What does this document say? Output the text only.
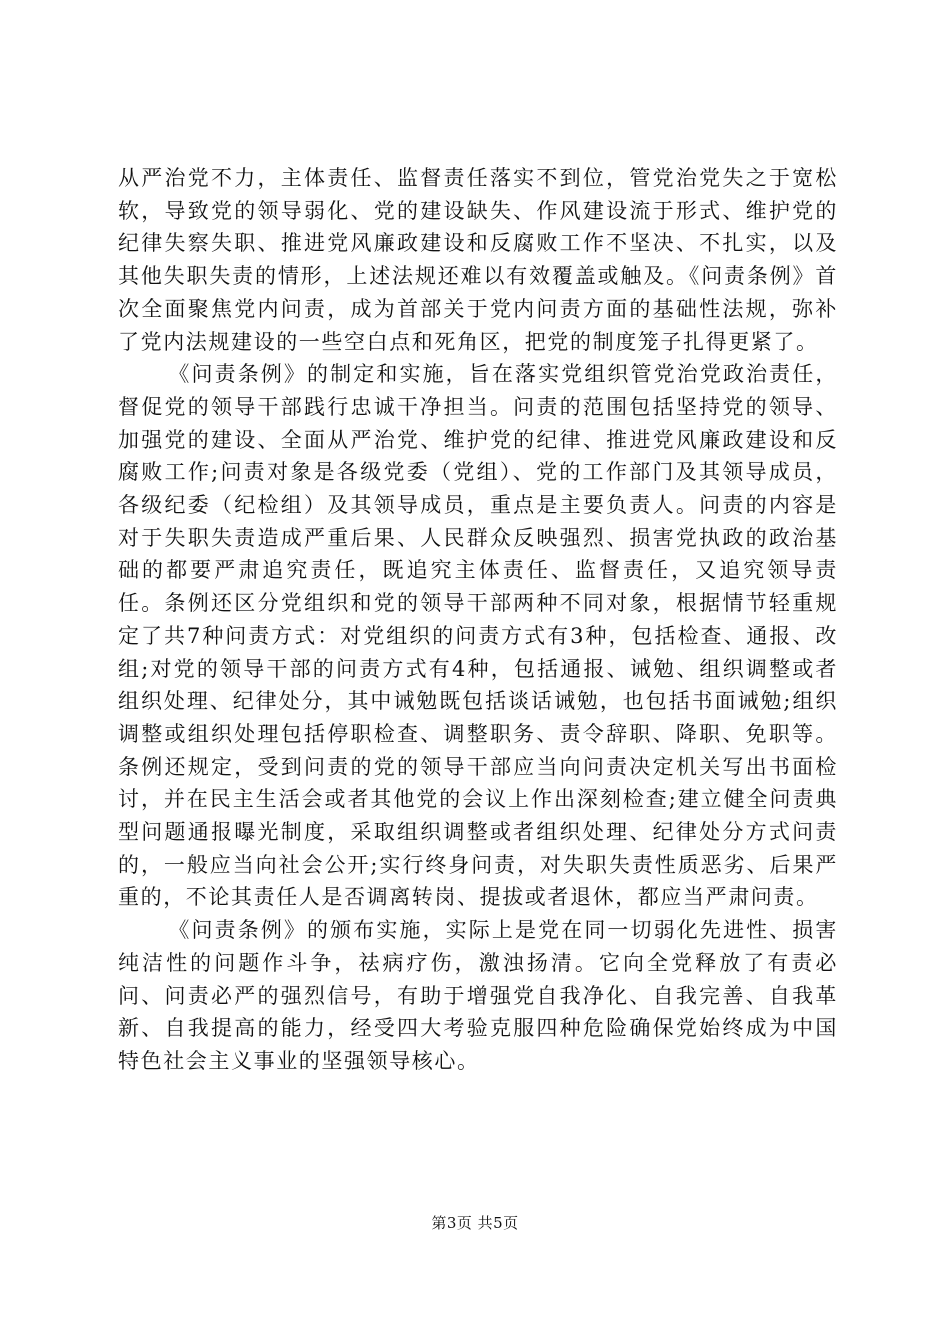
从严治党不力，主体责任、监督责任落实不到位，管党治党失之于宽松软，导致党的领导弱化、党的建设缺失、作风建设流于形式、维护党的纪律失察失职、推进党风廉政建设和反腐败工作不坚决、不扎实，以及其他失职失责的情形，上述法规还难以有效覆盖或触及。《问责条例》首次全面聚焦党内问责，成为首部关于党内问责方面的基础性法规，弥补了党内法规建设的一些空白点和死角区，把党的制度笼子扎得更紧了。

《问责条例》的制定和实施，旨在落实党组织管党治党政治责任，督促党的领导干部践行忠诚干净担当。问责的范围包括坚持党的领导、加强党的建设、全面从严治党、维护党的纪律、推进党风廉政建设和反腐败工作;问责对象是各级党委（党组）、党的工作部门及其领导成员，各级纪委（纪检组）及其领导成员，重点是主要负责人。问责的内容是对于失职失责造成严重后果、人民群众反映强烈、损害党执政的政治基础的都要严肃追究责任，既追究主体责任、监督责任，又追究领导责任。条例还区分党组织和党的领导干部两种不同对象，根据情节轻重规定了共7种问责方式：对党组织的问责方式有3种，包括检查、通报、改组;对党的领导干部的问责方式有4种，包括通报、诫勉、组织调整或者组织处理、纪律处分，其中诫勉既包括谈话诫勉，也包括书面诫勉;组织调整或组织处理包括停职检查、调整职务、责令辞职、降职、免职等。条例还规定，受到问责的党的领导干部应当向问责决定机关写出书面检讨，并在民主生活会或者其他党的会议上作出深刻检查;建立健全问责典型问题通报曝光制度，采取组织调整或者组织处理、纪律处分方式问责的，一般应当向社会公开;实行终身问责，对失职失责性质恶劣、后果严重的，不论其责任人是否调离转岗、提拔或者退休，都应当严肃问责。

《问责条例》的颁布实施，实际上是党在同一切弱化先进性、损害纯洁性的问题作斗争，祛病疗伤，激浊扬清。它向全党释放了有责必问、问责必严的强烈信号，有助于增强党自我净化、自我完善、自我革新、自我提高的能力，经受四大考验克服四种危险确保党始终成为中国特色社会主义事业的坚强领导核心。

第3页 共5页
